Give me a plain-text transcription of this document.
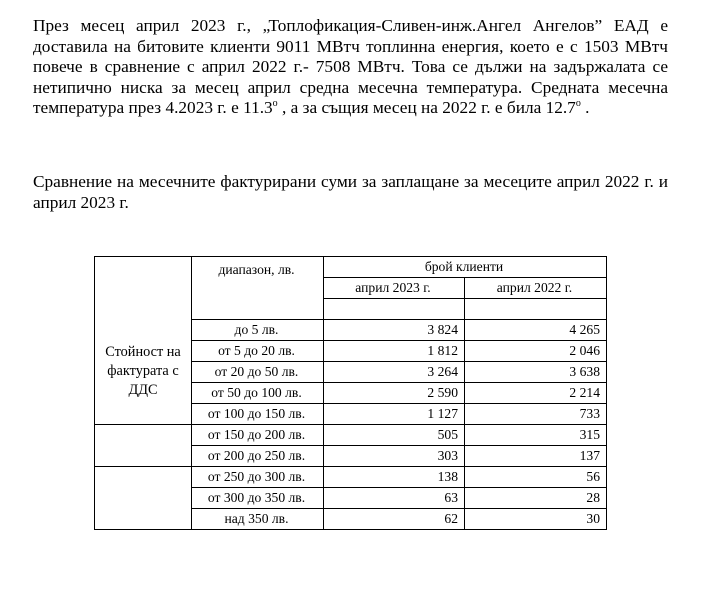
През месец април 2023 г., „Топлофикация-Сливен-инж.Ангел Ангелов” ЕАД е доставила на битовите клиенти 9011 МВтч топлинна енергия, което е с 1503 МВтч повече в сравнение с април 2022 г.- 7508 МВтч. Това се дължи на задържалата се нетипично ниска за месец април средна месечна температура. Средната месечна температура през 4.2023 г. е 11.3$^o$ , а за същия месец на 2022 г. е била 12.7$^o$ .
Сравнение на месечните фактурирани суми за заплащане за месеците април 2022 г. и април 2023 г.
	диапазон, лв.	брой клиенти	
		април 2023 г.	април 2022 г.

Стойност на фактурата с ДДС	до 5 лв.	3 824	4 265
	от 5 до 20 лв.	1 812	2 046
	от 20 до 50 лв.	3 264	3 638
	от 50 до 100 лв.	2 590	2 214
	от 100 до 150 лв.	1 127	733
	от 150 до 200 лв.	505	315
	от 200 до 250 лв.	303	137
	от 250 до 300 лв.	138	56
	от 300 до 350 лв.	63	28
	над 350 лв.	62	30
